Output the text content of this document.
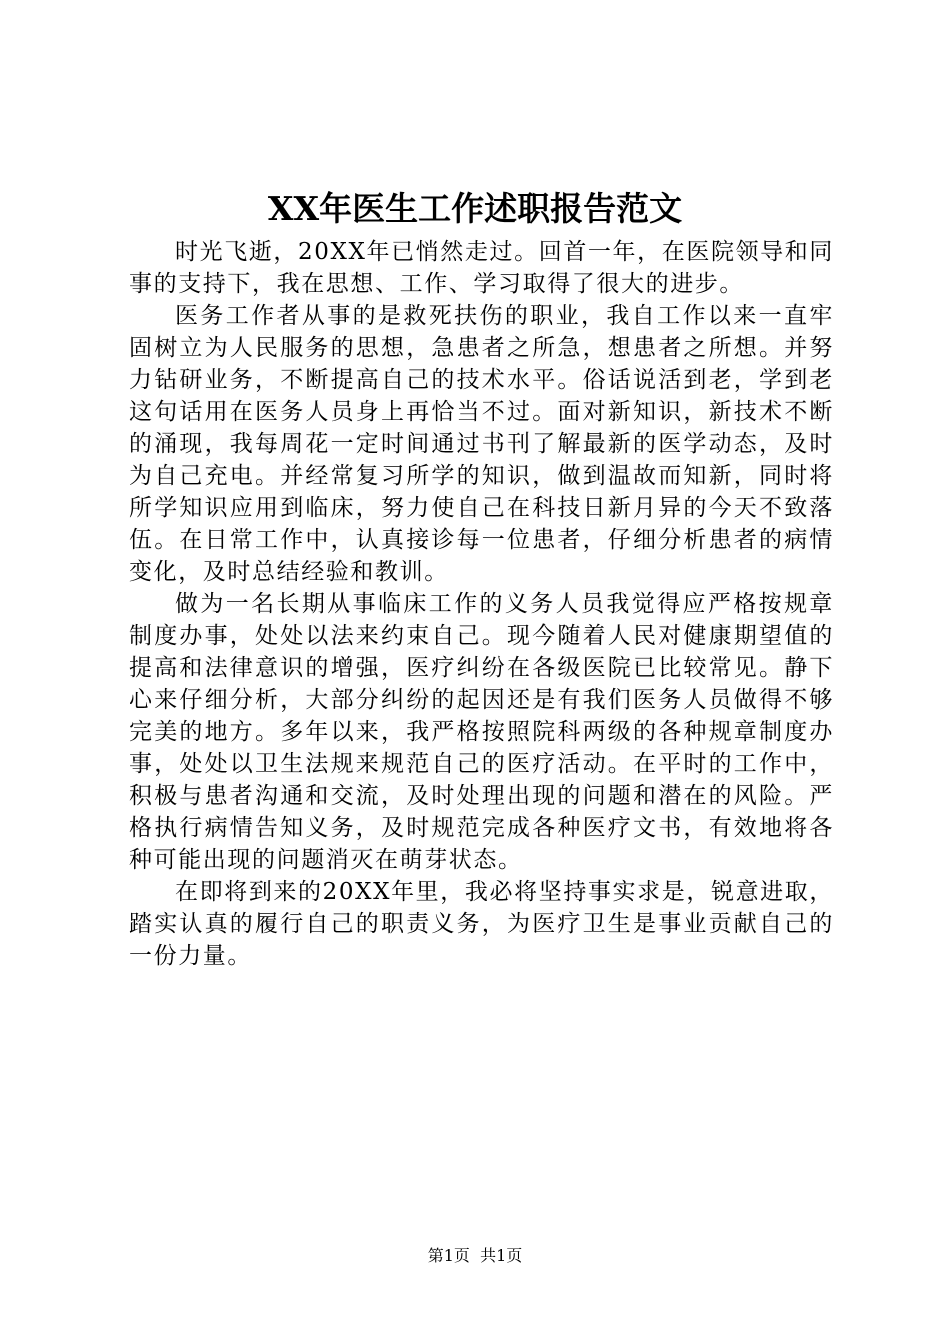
XX年医生工作述职报告范文

时光飞逝，20XX年已悄然走过。回首一年，在医院领导和同事的支持下，我在思想、工作、学习取得了很大的进步。

医务工作者从事的是救死扶伤的职业，我自工作以来一直牢固树立为人民服务的思想，急患者之所急，想患者之所想。并努力钻研业务，不断提高自己的技术水平。俗话说活到老，学到老这句话用在医务人员身上再恰当不过。面对新知识，新技术不断的涌现，我每周花一定时间通过书刊了解最新的医学动态，及时为自己充电。并经常复习所学的知识，做到温故而知新，同时将所学知识应用到临床，努力使自己在科技日新月异的今天不致落伍。在日常工作中，认真接诊每一位患者，仔细分析患者的病情变化，及时总结经验和教训。

做为一名长期从事临床工作的义务人员我觉得应严格按规章制度办事，处处以法来约束自己。现今随着人民对健康期望值的提高和法律意识的增强，医疗纠纷在各级医院已比较常见。静下心来仔细分析，大部分纠纷的起因还是有我们医务人员做得不够完美的地方。多年以来，我严格按照院科两级的各种规章制度办事，处处以卫生法规来规范自己的医疗活动。在平时的工作中，积极与患者沟通和交流，及时处理出现的问题和潜在的风险。严格执行病情告知义务，及时规范完成各种医疗文书，有效地将各种可能出现的问题消灭在萌芽状态。

在即将到来的20XX年里，我必将坚持事实求是，锐意进取，踏实认真的履行自己的职责义务，为医疗卫生是事业贡献自己的一份力量。

第1页 共1页
